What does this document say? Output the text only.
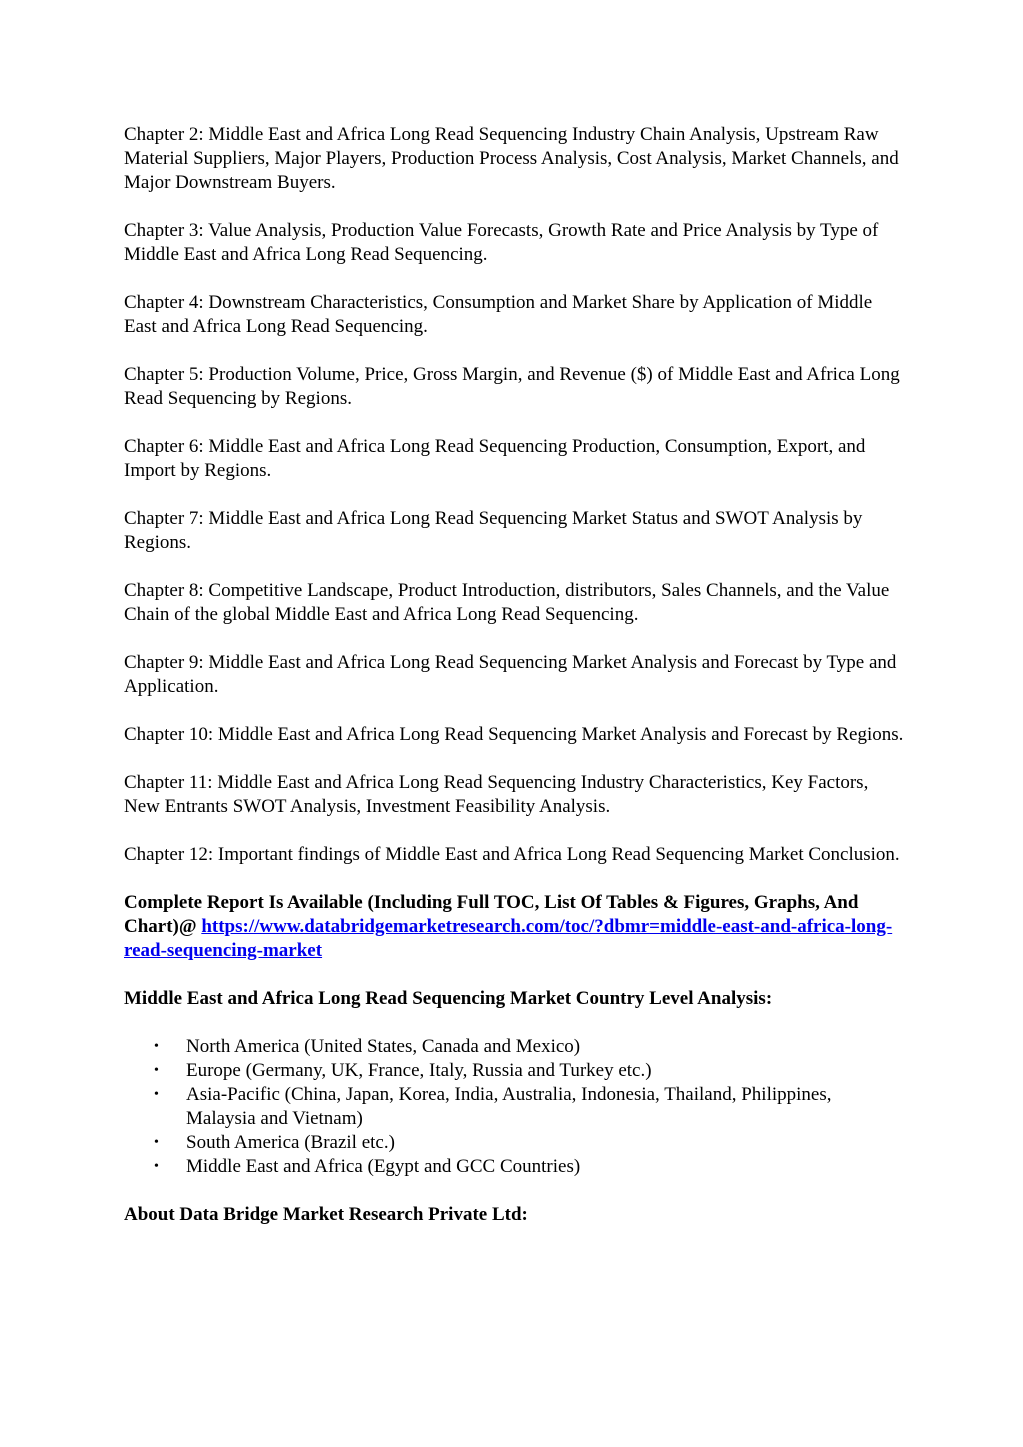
Chapter 2: Middle East and Africa Long Read Sequencing Industry Chain Analysis, Upstream Raw Material Suppliers, Major Players, Production Process Analysis, Cost Analysis, Market Channels, and Major Downstream Buyers.

Chapter 3: Value Analysis, Production Value Forecasts, Growth Rate and Price Analysis by Type of Middle East and Africa Long Read Sequencing.

Chapter 4: Downstream Characteristics, Consumption and Market Share by Application of Middle East and Africa Long Read Sequencing.

Chapter 5: Production Volume, Price, Gross Margin, and Revenue ($) of Middle East and Africa Long Read Sequencing by Regions.

Chapter 6: Middle East and Africa Long Read Sequencing Production, Consumption, Export, and Import by Regions.

Chapter 7: Middle East and Africa Long Read Sequencing Market Status and SWOT Analysis by Regions.

Chapter 8: Competitive Landscape, Product Introduction, distributors, Sales Channels, and the Value Chain of the global Middle East and Africa Long Read Sequencing.

Chapter 9: Middle East and Africa Long Read Sequencing Market Analysis and Forecast by Type and Application.

Chapter 10: Middle East and Africa Long Read Sequencing Market Analysis and Forecast by Regions.

Chapter 11: Middle East and Africa Long Read Sequencing Industry Characteristics, Key Factors, New Entrants SWOT Analysis, Investment Feasibility Analysis.

Chapter 12: Important findings of Middle East and Africa Long Read Sequencing Market Conclusion.

Complete Report Is Available (Including Full TOC, List Of Tables & Figures, Graphs, And Chart)@ https://www.databridgemarketresearch.com/toc/?dbmr=middle-east-and-africa-long-read-sequencing-market

Middle East and Africa Long Read Sequencing Market Country Level Analysis:

• North America (United States, Canada and Mexico)
• Europe (Germany, UK, France, Italy, Russia and Turkey etc.)
• Asia-Pacific (China, Japan, Korea, India, Australia, Indonesia, Thailand, Philippines, Malaysia and Vietnam)
• South America (Brazil etc.)
• Middle East and Africa (Egypt and GCC Countries)

About Data Bridge Market Research Private Ltd:
